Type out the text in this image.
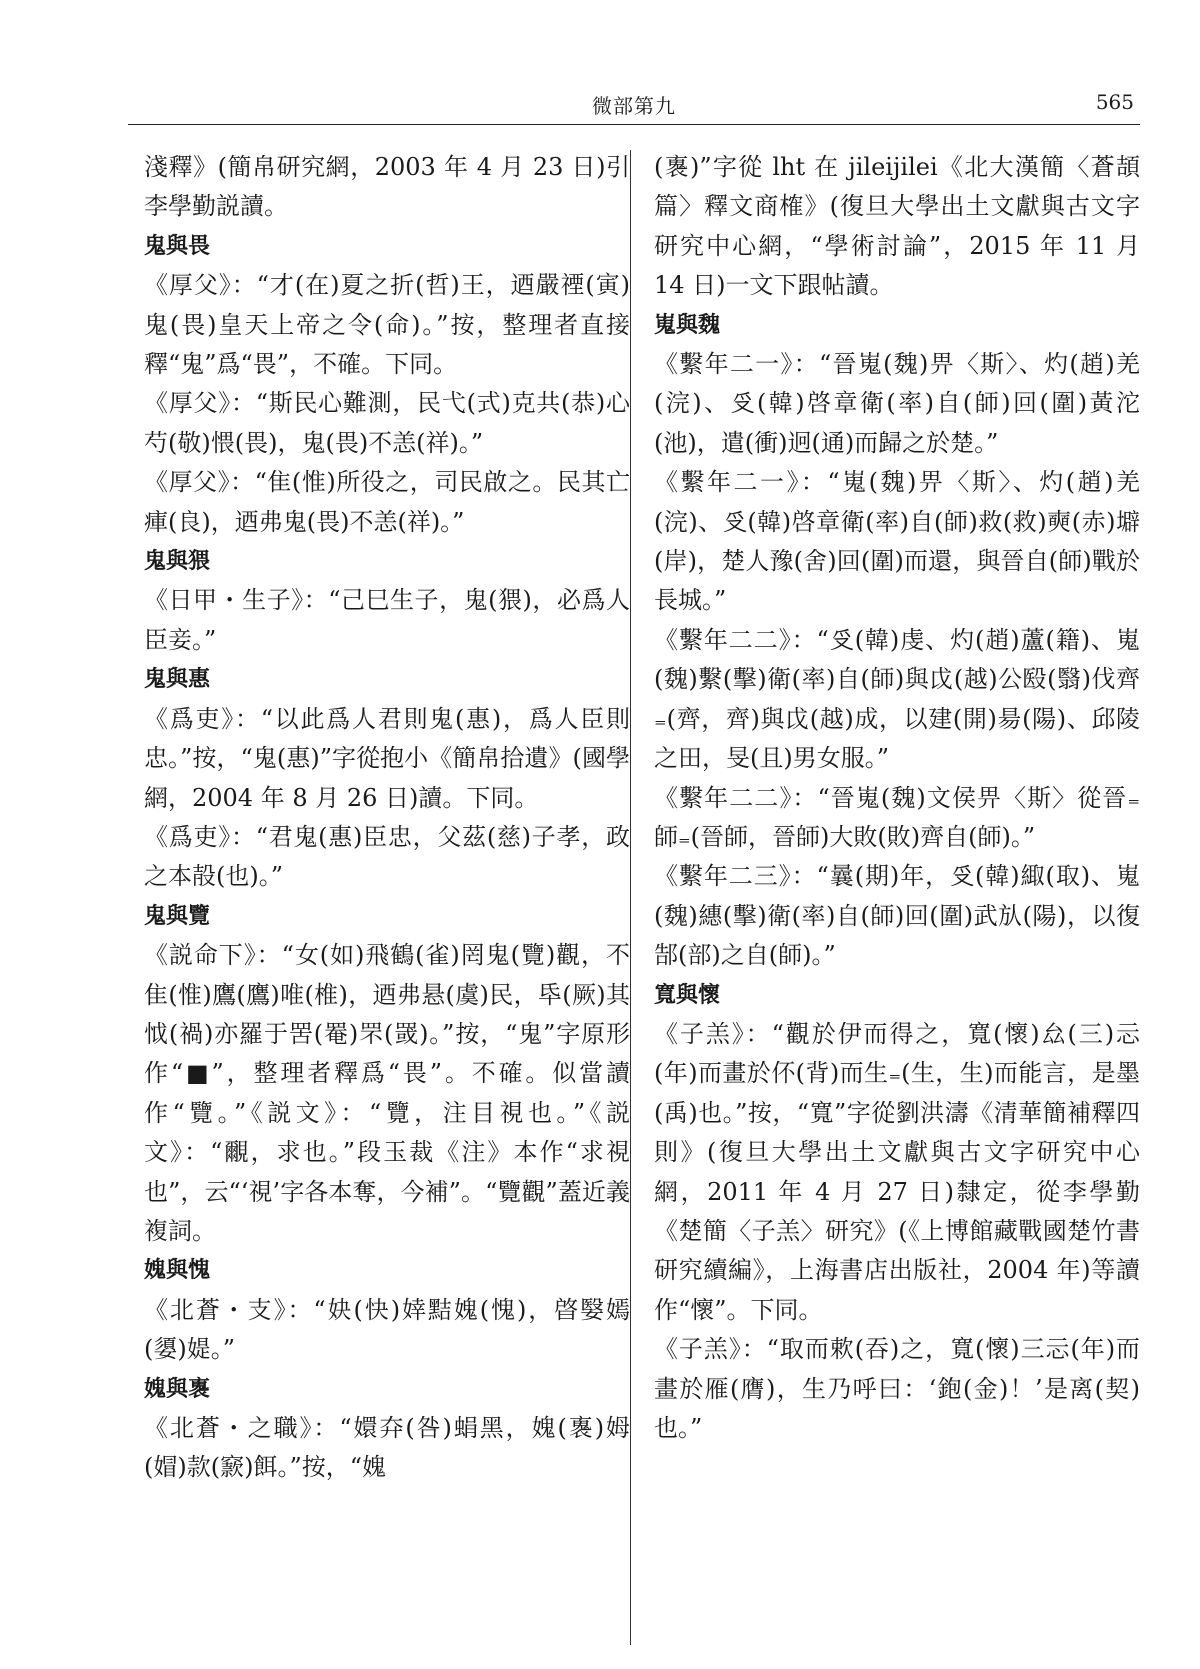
微部第九	565

淺釋》(簡帛研究網，2003 年 4 月 23 日)引李學勤説讀。

鬼與畏

《厚父》：“才(在)夏之折(哲)王，迺嚴禋(寅)鬼(畏)皇天上帝之令(命)。”按，整理者直接釋“鬼”爲“畏”，不確。下同。

《厚父》：“斯民心難測，民弋(式)克共(恭)心芍(敬)愄(畏)，鬼(畏)不恙(祥)。”

《厚父》：“隹(惟)所役之，司民啟之。民其亡㾝(良)，迺弗鬼(畏)不恙(祥)。”

鬼與猥

《日甲・生子》：“己巳生子，鬼(猥)，必爲人臣妾。”

鬼與惠

《爲吏》：“以此爲人君則鬼(惠)，爲人臣則忠。”按，“鬼(惠)”字從抱小《簡帛拾遺》(國學網，2004 年 8 月 26 日)讀。下同。

《爲吏》：“君鬼(惠)臣忠，父茲(慈)子孝，政之本㱿(也)。”

鬼與覽

《説命下》：“女(如)飛鶴(雀)罔鬼(覽)觀，不隹(惟)鷹(鷹)唯(椎)，迺弗悬(虞)民，氒(厥)其怴(禍)亦羅于罟(罨)罘(罭)。”按，“鬼”字原形作“■”，整理者釋爲“畏”。不確。似當讀作“覽。”《説文》：“覽，注目視也。”《説文》：“覼，求也。”段玉裁《注》本作“求視也”，云“‘視’字各本奪，今補”。“覽觀”蓋近義複詞。

媿與愧

《北蒼・支》：“妜(快)婞黠媿(愧)，晵嫛嫣(嬃)媞。”

媿與褢

《北蒼・之職》：“嬛㚏(咎)蜎黑，媿(褢)姆(媢)款(窾)餌。”按，“媿

(褢)”字從 lht 在 jileijilei《北大漢簡〈蒼頡篇〉釋文商榷》(復旦大學出土文獻與古文字研究中心網，“學術討論”，2015 年 11 月 14 日)一文下跟帖讀。

嵬與魏

《繫年二一》：“晉嵬(魏)畀〈斯〉、灼(趙)羌(浣)、𠬪(韓)啓章衛(率)自(師)回(圍)黃沱(池)，遣(衝)迥(通)而歸之於楚。”

《繫年二一》：“嵬(魏)畀〈斯〉、灼(趙)羌(浣)、𠬪(韓)啓章衛(率)自(師)救(救)奭(赤)壀(岸)，楚人豫(舍)回(圍)而還，與晉自(師)戰於長城。”

《繫年二二》：“𠬪(韓)虔、灼(趙)蘆(籍)、嵬(魏)繫(擊)衛(率)自(師)與戉(越)公殹(翳)伐齊₌(齊，齊)與戉(越)成，以建(開)昜(陽)、邱陵之田，旻(且)男女服。”

《繫年二二》：“晉嵬(魏)文侯畀〈斯〉從晉₌師₌(晉師，晉師)大敗(敗)齊自(師)。”

《繫年二三》：“曩(期)年，𠬪(韓)緅(取)、嵬(魏)繐(擊)衛(率)自(師)回(圍)武㫃(陽)，以復郜(部)之自(師)。”

寬與懷

《子羔》：“觀於伊而得之，寬(懷)厽(三)忈(年)而畫於伓(背)而生₌(生，生)而能言，是墨(禹)也。”按，“寬”字從劉洪濤《清華簡補釋四則》(復旦大學出土文獻與古文字研究中心網，2011 年 4 月 27 日)隸定，從李學勤《楚簡〈子羔〉研究》(《上博館藏戰國楚竹書研究續編》，上海書店出版社，2004 年)等讀作“懷”。下同。

《子羔》：“取而欶(吞)之，寬(懷)三忈(年)而畫於雁(膺)，生乃呼曰：‘鉋(金)！’是离(契)也。”
